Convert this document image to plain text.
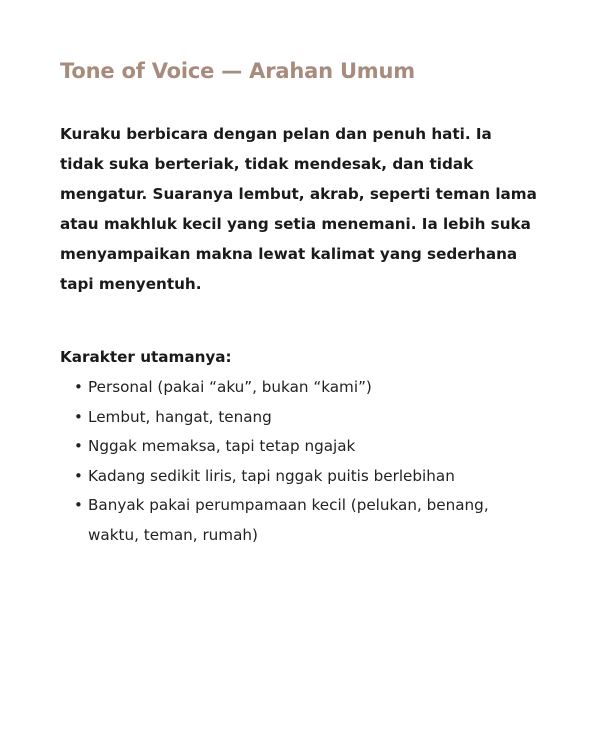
Tone of Voice — Arahan Umum

Kuraku berbicara dengan pelan dan penuh hati. Ia tidak suka berteriak, tidak mendesak, dan tidak mengatur. Suaranya lembut, akrab, seperti teman lama atau makhluk kecil yang setia menemani. Ia lebih suka menyampaikan makna lewat kalimat yang sederhana tapi menyentuh.

Karakter utamanya:

• Personal (pakai “aku”, bukan “kami”)
• Lembut, hangat, tenang
• Nggak memaksa, tapi tetap ngajak
• Kadang sedikit liris, tapi nggak puitis berlebihan
• Banyak pakai perumpamaan kecil (pelukan, benang, waktu, teman, rumah)
